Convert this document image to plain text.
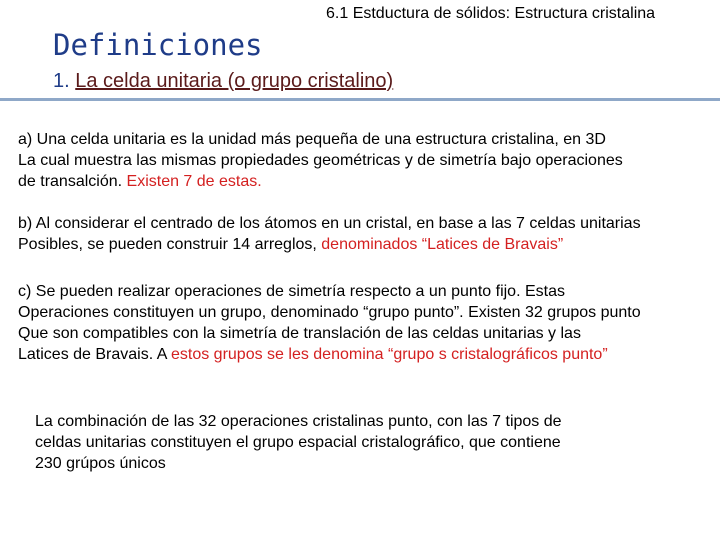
6.1 Estductura de sólidos: Estructura cristalina
Definiciones
1. La celda unitaria (o grupo cristalino)

a) Una celda unitaria es la unidad más pequeña de una estructura cristalina, en 3D
La cual muestra las mismas propiedades geométricas y de simetría bajo operaciones
de transalción. Existen 7 de estas.

b) Al considerar el centrado de los átomos en un cristal, en base a las 7 celdas unitarias
Posibles, se pueden construir 14 arreglos, denominados “Latices de Bravais”

c) Se pueden realizar operaciones de simetría respecto a un punto fijo. Estas
Operaciones constituyen un grupo, denominado “grupo punto”. Existen 32 grupos punto
Que son compatibles con la simetría de translación de las celdas unitarias y las
Latices de Bravais. A estos grupos se les denomina “grupo s cristalográficos punto”

La combinación de las 32 operaciones cristalinas punto, con las 7 tipos de
celdas unitarias constituyen el grupo espacial cristalográfico, que contiene
230 grúpos únicos
